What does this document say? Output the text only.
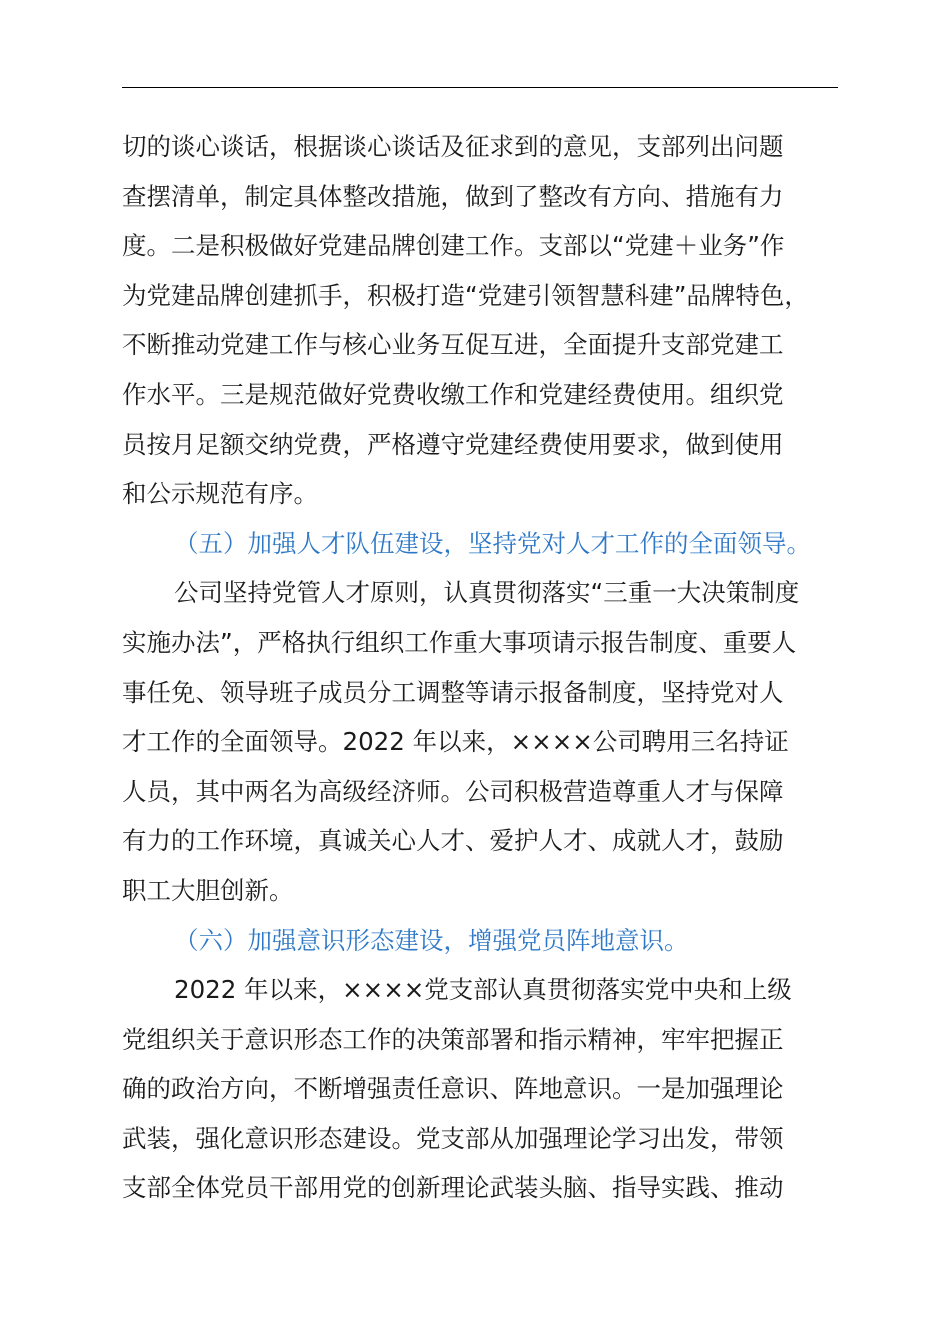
切的谈心谈话，根据谈心谈话及征求到的意见，支部列出问题
查摆清单，制定具体整改措施，做到了整改有方向、措施有力
度。二是积极做好党建品牌创建工作。支部以“党建＋业务”作
为党建品牌创建抓手，积极打造“党建引领智慧科建”品牌特色，
不断推动党建工作与核心业务互促互进，全面提升支部党建工
作水平。三是规范做好党费收缴工作和党建经费使用。组织党
员按月足额交纳党费，严格遵守党建经费使用要求，做到使用
和公示规范有序。
（五）加强人才队伍建设，坚持党对人才工作的全面领导。
公司坚持党管人才原则，认真贯彻落实“三重一大决策制度
实施办法”，严格执行组织工作重大事项请示报告制度、重要人
事任免、领导班子成员分工调整等请示报备制度，坚持党对人
才工作的全面领导。2022 年以来，××××公司聘用三名持证
人员，其中两名为高级经济师。公司积极营造尊重人才与保障
有力的工作环境，真诚关心人才、爱护人才、成就人才，鼓励
职工大胆创新。
（六）加强意识形态建设，增强党员阵地意识。
2022 年以来，××××党支部认真贯彻落实党中央和上级
党组织关于意识形态工作的决策部署和指示精神，牢牢把握正
确的政治方向，不断增强责任意识、阵地意识。一是加强理论
武装，强化意识形态建设。党支部从加强理论学习出发，带领
支部全体党员干部用党的创新理论武装头脑、指导实践、推动
